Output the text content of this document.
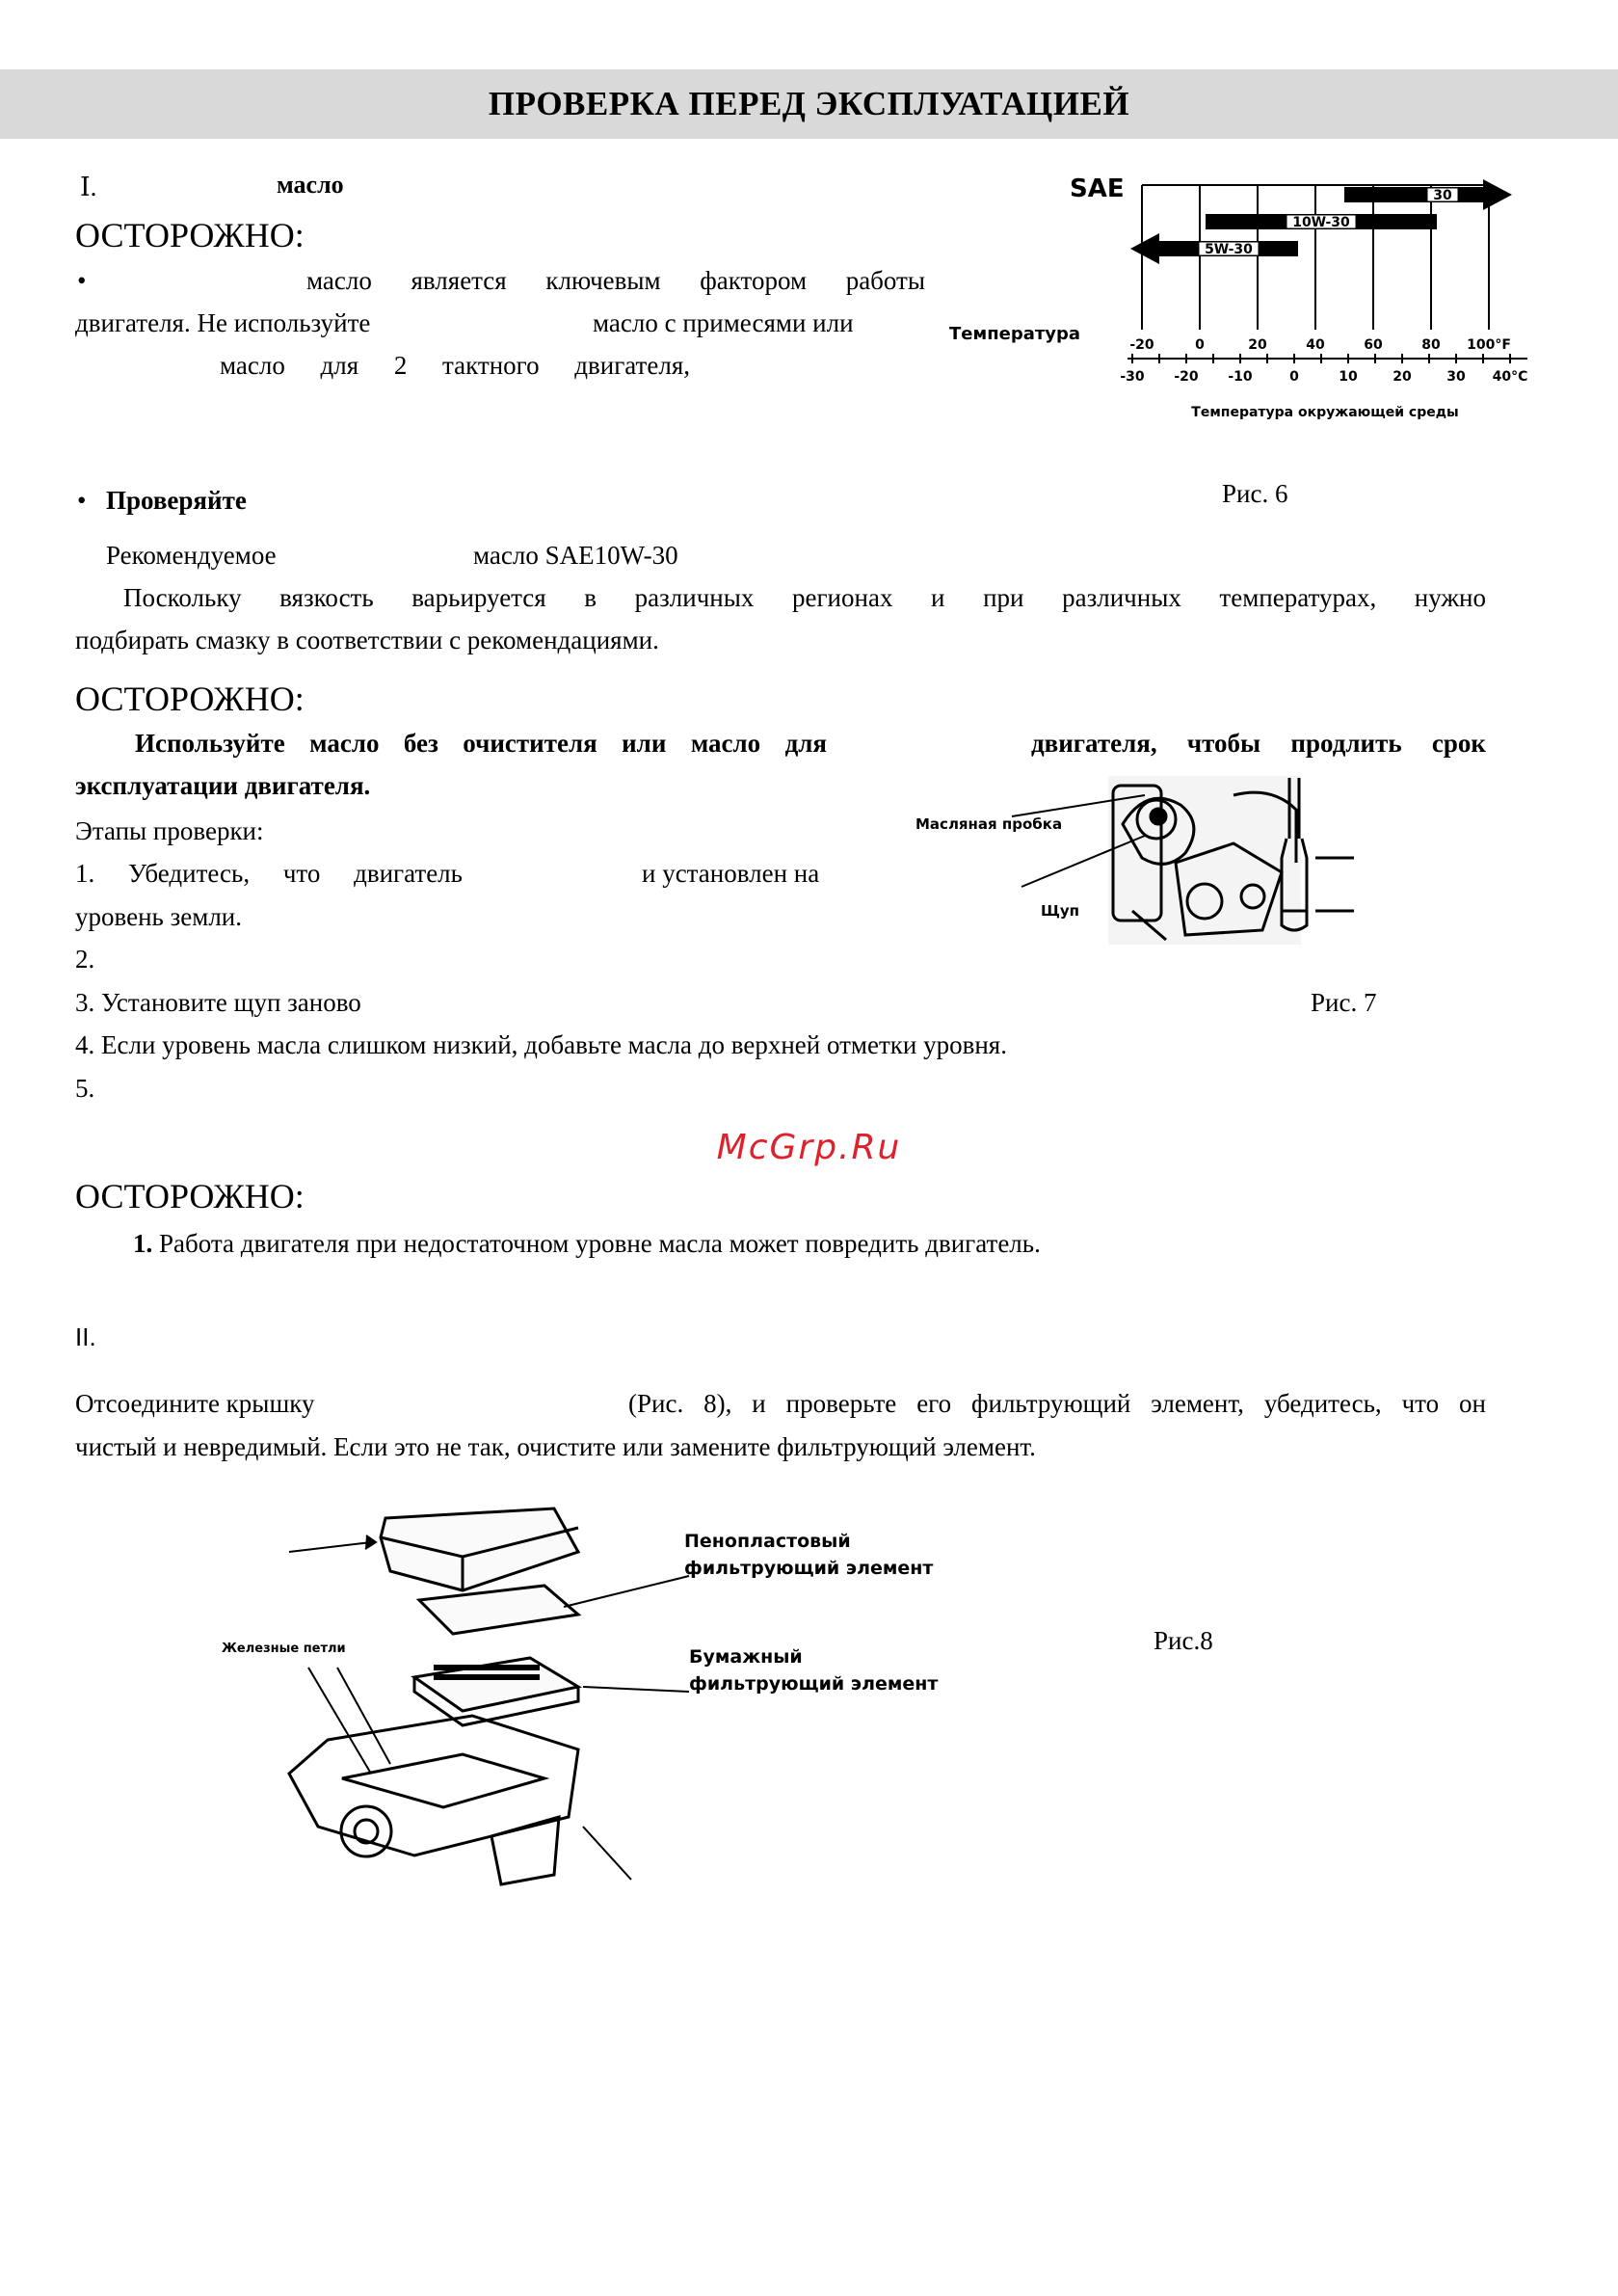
ПРОВЕРКА ПЕРЕД ЭКСПЛУАТАЦИЕЙ
Ⅰ.	масло
ОСТОРОЖНО:
•	масло является ключевым фактором работы
двигателя. Не используйте	масло с примесями или
масло для 2 тактного двигателя,
• Проверяйте
Рекомендуемое	масло SAE10W-30
Поскольку вязкость варьируется в различных регионах и при различных температурах, нужно
подбирать смазку в соответствии с рекомендациями.
ОСТОРОЖНО:
Используйте масло без очистителя или масло для	двигателя, чтобы продлить срок
эксплуатации двигателя.
Этапы проверки:
1. Убедитесь, что двигатель	и установлен на
уровень земли.
2.
3. Установите щуп заново
4. Если уровень масла слишком низкий, добавьте масла до верхней отметки уровня.
5.
McGrp.Ru
ОСТОРОЖНО:
1. Работа двигателя при недостаточном уровне масла может повредить двигатель.
II.
Отсоедините крышку	(Рис. 8), и проверьте его фильтрующий элемент, убедитесь, что он
чистый и невредимый. Если это не так, очистите или замените фильтрующий элемент.
30
10W-30
5W-30
SAE
Температура
-20	0	20	40	60	80 100°F
-30 -20 -10	0	10	20	30 40°C
Температура окружающей среды
Рис. 6
Масляная пробка
Щуп
Рис. 7
Пенопластовый
фильтрующий элемент
Бумажный
фильтрующий элемент
Железные петли	Рис.8
